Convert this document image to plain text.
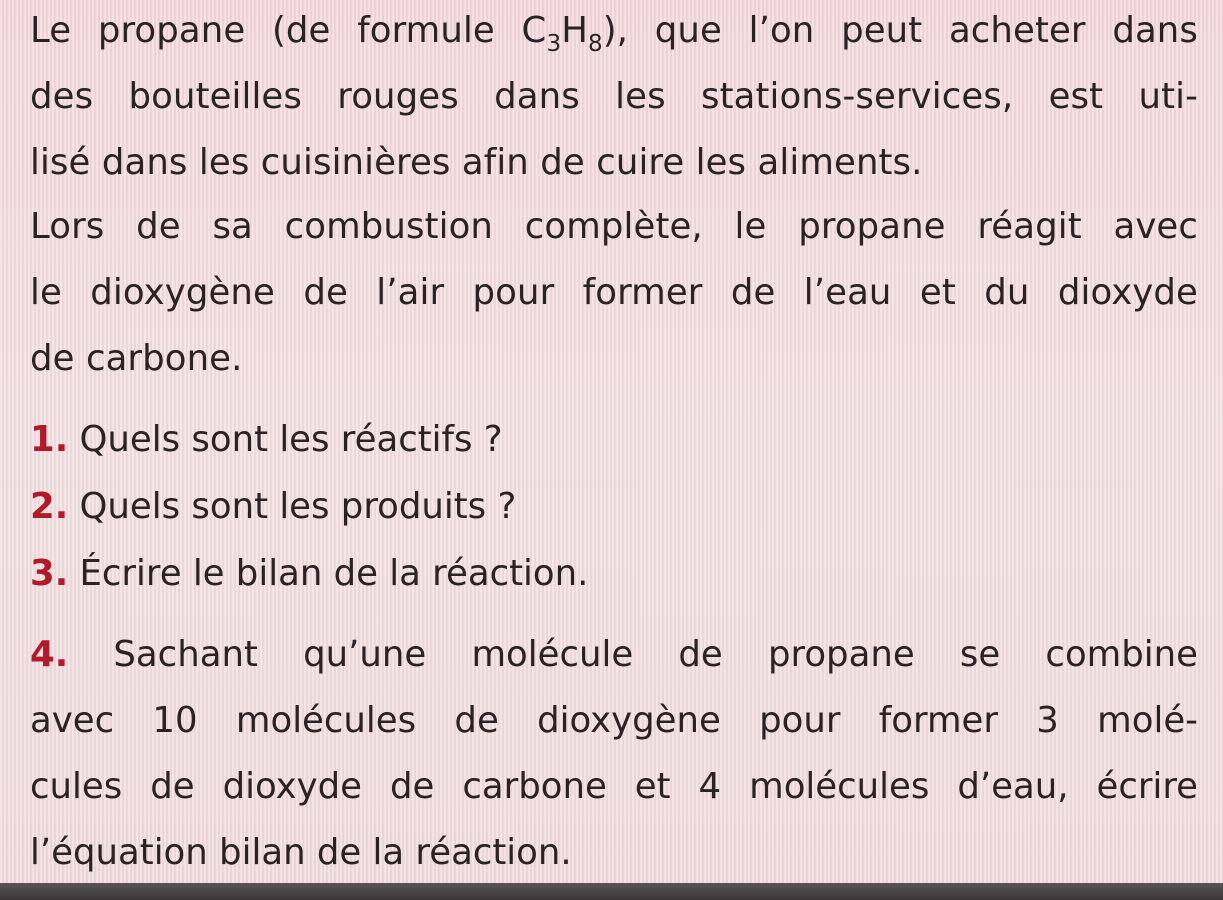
Le propane (de formule $C_3H_8$), que l’on peut acheter dans
des bouteilles rouges dans les stations-services, est uti-
lisé dans les cuisinières afin de cuire les aliments.

Lors de sa combustion complète, le propane réagit avec
le dioxygène de l’air pour former de l’eau et du dioxyde
de carbone.

1. Quels sont les réactifs ?
2. Quels sont les produits ?
3. Écrire le bilan de la réaction.
4. Sachant qu’une molécule de propane se combine
avec 10 molécules de dioxygène pour former 3 molé-
cules de dioxyde de carbone et 4 molécules d’eau, écrire
l’équation bilan de la réaction.
